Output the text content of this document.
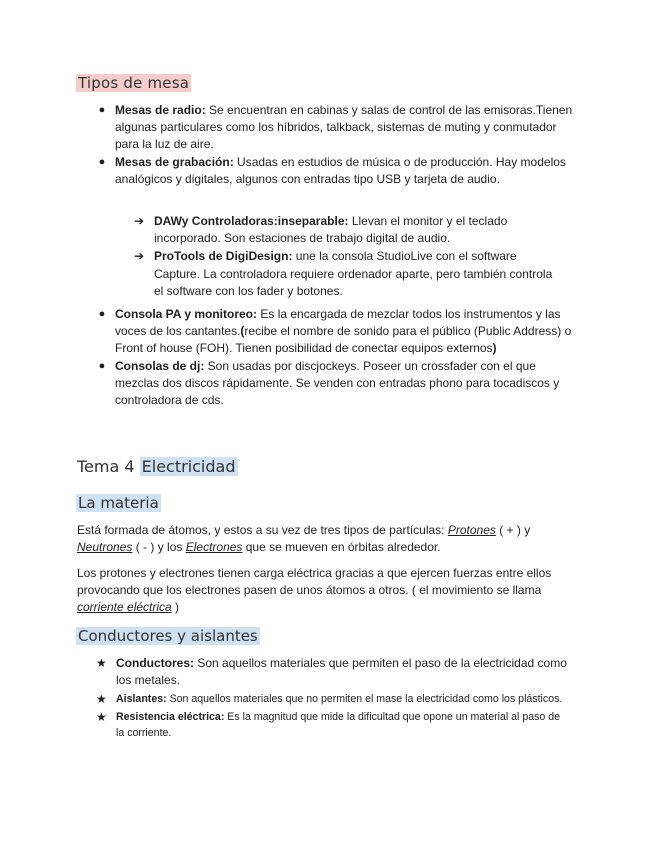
Tipos de mesa
● Mesas de radio: Se encuentran en cabinas y salas de control de las emisoras.Tienen algunas particulares como los híbridos, talkback, sistemas de muting y conmutador para la luz de aire.
● Mesas de grabación: Usadas en estudios de música o de producción. Hay modelos analógicos y digitales, algunos con entradas tipo USB y tarjeta de audio.
➔ DAWy Controladoras:inseparable: Llevan el monitor y el teclado incorporado. Son estaciones de trabajo digital de audio.
➔ ProTools de DigiDesign: une la consola StudioLive con el software Capture. La controladora requiere ordenador aparte, pero también controla el software con los fader y botones.
● Consola PA y monitoreo: Es la encargada de mezclar todos los instrumentos y las voces de los cantantes.(recibe el nombre de sonido para el público (Public Address) o Front of house (FOH). Tienen posibilidad de conectar equipos externos)
● Consolas de dj: Son usadas por discjockeys. Poseer un crossfader con el que mezclas dos discos rápidamente. Se venden con entradas phono para tocadiscos y controladora de cds.
Tema 4 Electricidad
La materia

Está formada de átomos, y estos a su vez de tres tipos de partículas: Protones ( + ) y Neutrones ( - ) y los Electrones que se mueven en órbitas alrededor.

Los protones y electrones tienen carga eléctrica gracias a que ejercen fuerzas entre ellos provocando que los electrones pasen de unos átomos a otros. ( el movimiento se llama corriente eléctrica )

Conductores y aislantes
★ Conductores: Son aquellos materiales que permiten el paso de la electricidad como los metales.
★ Aislantes: Son aquellos materiales que no permiten el mase la electricidad como los plásticos.
★ Resistencia eléctrica: Es la magnitud que mide la dificultad que opone un material al paso de la corriente.
